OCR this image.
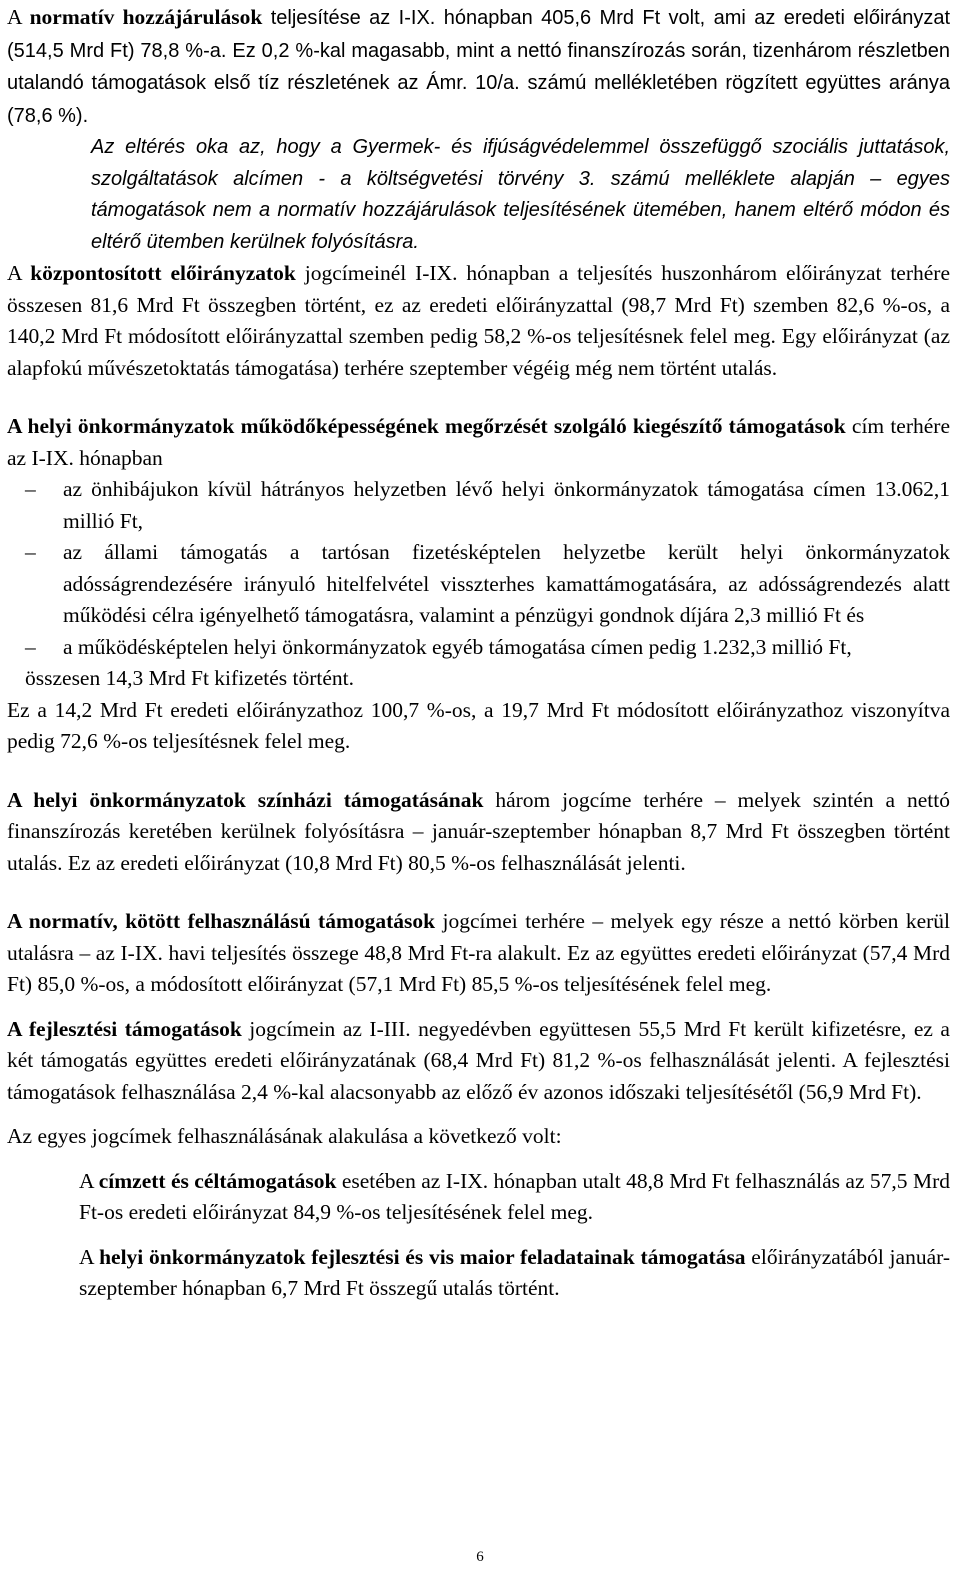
A normatív hozzájárulások teljesítése az I-IX. hónapban 405,6 Mrd Ft volt, ami az eredeti előirányzat (514,5 Mrd Ft) 78,8 %-a. Ez 0,2 %-kal magasabb, mint a nettó finanszírozás során, tizenhárom részletben utalandó támogatások első tíz részletének az Ámr. 10/a. számú mellékletében rögzített együttes aránya (78,6 %).

Az eltérés oka az, hogy a Gyermek- és ifjúságvédelemmel összefüggő szociális juttatások, szolgáltatások alcímen - a költségvetési törvény 3. számú melléklete alapján – egyes támogatások nem a normatív hozzájárulások teljesítésének ütemében, hanem eltérő módon és eltérő ütemben kerülnek folyósításra.

A központosított előirányzatok jogcímeinél I-IX. hónapban a teljesítés huszonhárom előirányzat terhére összesen 81,6 Mrd Ft összegben történt, ez az eredeti előirányzattal (98,7 Mrd Ft) szemben 82,6 %-os, a 140,2 Mrd Ft módosított előirányzattal szemben pedig 58,2 %-os teljesítésnek felel meg. Egy előirányzat (az alapfokú művészetoktatás támogatása) terhére szeptember végéig még nem történt utalás.

A helyi önkormányzatok működőképességének megőrzését szolgáló kiegészítő támogatások cím terhére az I-IX. hónapban

–	az önhibájukon kívül hátrányos helyzetben lévő helyi önkormányzatok támogatása címen 13.062,1 millió Ft,
–	az állami támogatás a tartósan fizetésképtelen helyzetbe került helyi önkormányzatok adósságrendezésére irányuló hitelfelvétel visszterhes kamattámogatására, az adósságrendezés alatt működési célra igényelhető támogatásra, valamint a pénzügyi gondnok díjára 2,3 millió Ft és
–	a működésképtelen helyi önkormányzatok egyéb támogatása címen pedig 1.232,3 millió Ft,

összesen 14,3 Mrd Ft kifizetés történt.

Ez a 14,2 Mrd Ft eredeti előirányzathoz 100,7 %-os, a 19,7 Mrd Ft módosított előirányzathoz viszonyítva pedig 72,6 %-os teljesítésnek felel meg.

A helyi önkormányzatok színházi támogatásának három jogcíme terhére – melyek szintén a nettó finanszírozás keretében kerülnek folyósításra – január-szeptember hónapban 8,7 Mrd Ft összegben történt utalás. Ez az eredeti előirányzat (10,8 Mrd Ft) 80,5 %-os felhasználását jelenti.

A normatív, kötött felhasználású támogatások jogcímei terhére – melyek egy része a nettó körben kerül utalásra – az I-IX. havi teljesítés összege 48,8 Mrd Ft-ra alakult. Ez az együttes eredeti előirányzat (57,4 Mrd Ft) 85,0 %-os, a módosított előirányzat (57,1 Mrd Ft) 85,5 %-os teljesítésének felel meg.

A fejlesztési támogatások jogcímein az I-III. negyedévben együttesen 55,5 Mrd Ft került kifizetésre, ez a két támogatás együttes eredeti előirányzatának (68,4 Mrd Ft) 81,2 %-os felhasználását jelenti. A fejlesztési támogatások felhasználása 2,4 %-kal alacsonyabb az előző év azonos időszaki teljesítésétől (56,9 Mrd Ft).

Az egyes jogcímek felhasználásának alakulása a következő volt:

A címzett és céltámogatások esetében az I-IX. hónapban utalt 48,8 Mrd Ft felhasználás az 57,5 Mrd Ft-os eredeti előirányzat 84,9 %-os teljesítésének felel meg.

A helyi önkormányzatok fejlesztési és vis maior feladatainak támogatása előirányzatából január-szeptember hónapban 6,7 Mrd Ft összegű utalás történt.

6
